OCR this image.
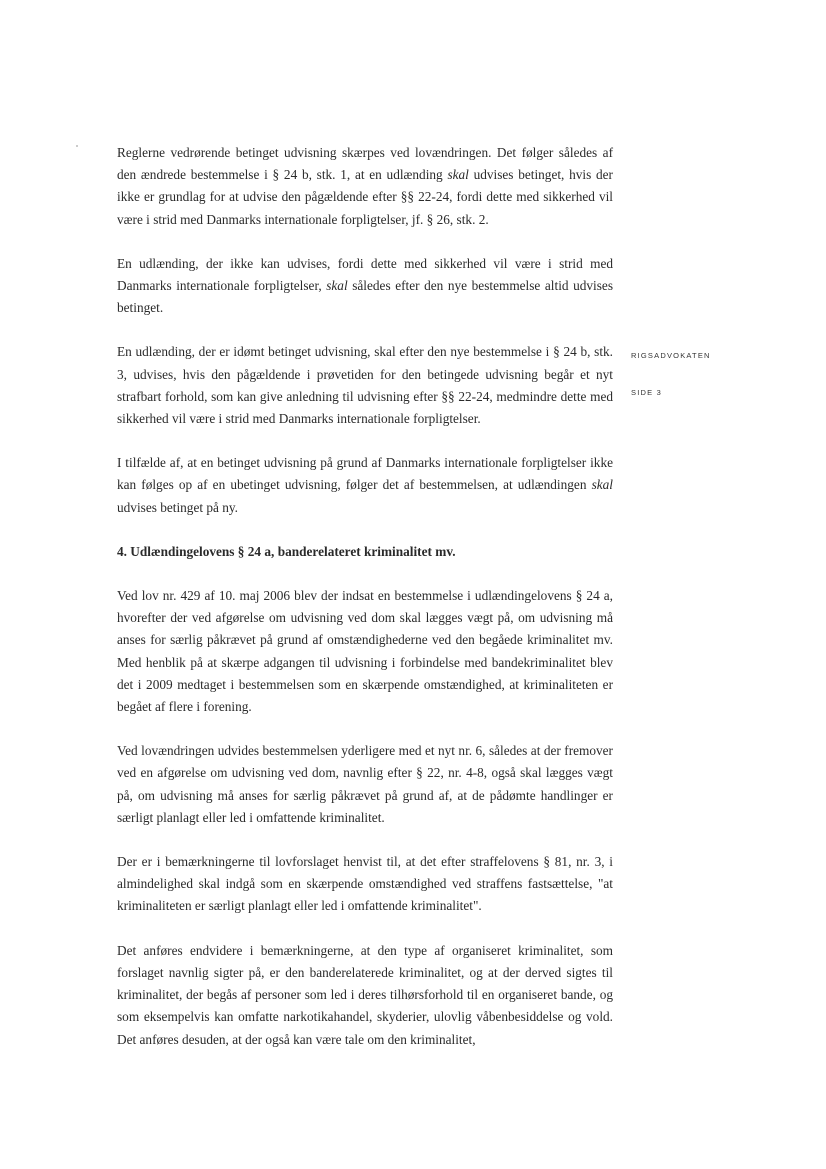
Reglerne vedrørende betinget udvisning skærpes ved lovændringen. Det følger således af den ændrede bestemmelse i § 24 b, stk. 1, at en udlænding skal udvises betinget, hvis der ikke er grundlag for at udvise den pågældende efter §§ 22-24, fordi dette med sikkerhed vil være i strid med Danmarks internationale forpligtelser, jf. § 26, stk. 2.

En udlænding, der ikke kan udvises, fordi dette med sikkerhed vil være i strid med Danmarks internationale forpligtelser, skal således efter den nye bestemmelse altid udvises betinget.

En udlænding, der er idømt betinget udvisning, skal efter den nye bestemmelse i § 24 b, stk. 3, udvises, hvis den pågældende i prøvetiden for den betingede udvisning begår et nyt strafbart forhold, som kan give anledning til udvisning efter §§ 22-24, medmindre dette med sikkerhed vil være i strid med Danmarks internationale forpligtelser.

I tilfælde af, at en betinget udvisning på grund af Danmarks internationale forpligtelser ikke kan følges op af en ubetinget udvisning, følger det af bestemmelsen, at udlændingen skal udvises betinget på ny.

4. Udlændingelovens § 24 a, banderelateret kriminalitet mv.

Ved lov nr. 429 af 10. maj 2006 blev der indsat en bestemmelse i udlændingelovens § 24 a, hvorefter der ved afgørelse om udvisning ved dom skal lægges vægt på, om udvisning må anses for særlig påkrævet på grund af omstændighederne ved den begåede kriminalitet mv. Med henblik på at skærpe adgangen til udvisning i forbindelse med bandekriminalitet blev det i 2009 medtaget i bestemmelsen som en skærpende omstændighed, at kriminaliteten er begået af flere i forening.

Ved lovændringen udvides bestemmelsen yderligere med et nyt nr. 6, således at der fremover ved en afgørelse om udvisning ved dom, navnlig efter § 22, nr. 4-8, også skal lægges vægt på, om udvisning må anses for særlig påkrævet på grund af, at de pådømte handlinger er særligt planlagt eller led i omfattende kriminalitet.

Der er i bemærkningerne til lovforslaget henvist til, at det efter straffelovens § 81, nr. 3, i almindelighed skal indgå som en skærpende omstændighed ved straffens fastsættelse, "at kriminaliteten er særligt planlagt eller led i omfattende kriminalitet".

Det anføres endvidere i bemærkningerne, at den type af organiseret kriminalitet, som forslaget navnlig sigter på, er den banderelaterede kriminalitet, og at der derved sigtes til kriminalitet, der begås af personer som led i deres tilhørsforhold til en organiseret bande, og som eksempelvis kan omfatte narkotikahandel, skyderier, ulovlig våbenbesiddelse og vold. Det anføres desuden, at der også kan være tale om den kriminalitet,

RIGSADVOKATEN
SIDE 3
